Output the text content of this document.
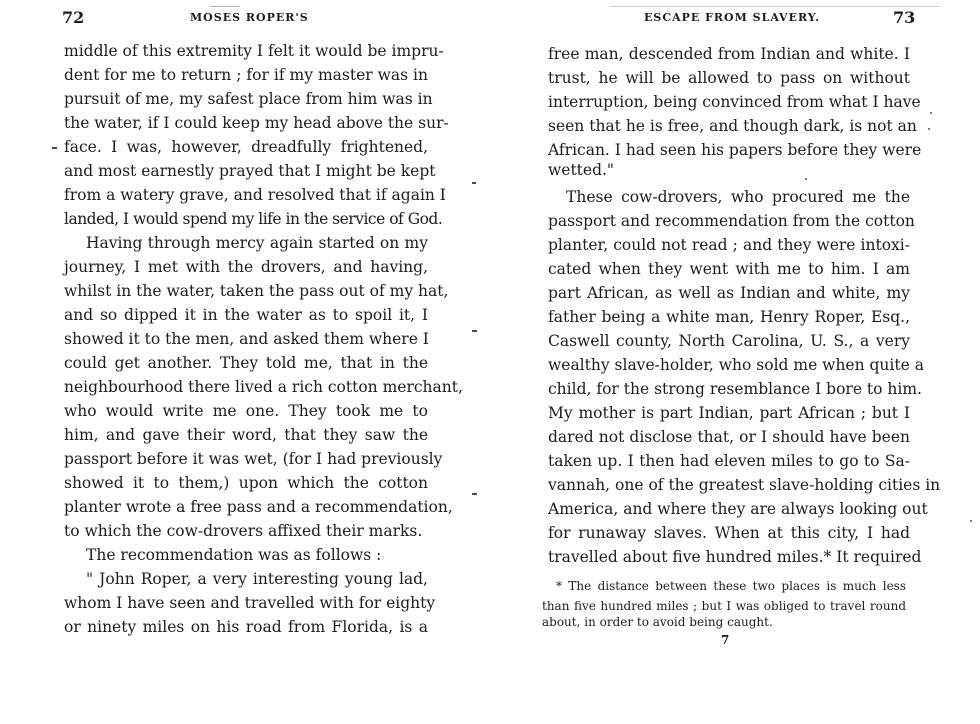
72	MOSES ROPER'S
middle of this extremity I felt it would be impru-
dent for me to return ; for if my master was in
pursuit of me, my safest place from him was in
the water, if I could keep my head above the sur-
face. I was, however, dreadfully frightened,
and most earnestly prayed that I might be kept
from a watery grave, and resolved that if again I
landed, I would spend my life in the service of God.
Having through mercy again started on my
journey, I met with the drovers, and having,
whilst in the water, taken the pass out of my hat,
and so dipped it in the water as to spoil it, I
showed it to the men, and asked them where I
could get another. They told me, that in the
neighbourhood there lived a rich cotton merchant,
who would write me one. They took me to
him, and gave their word, that they saw the
passport before it was wet, (for I had previously
showed it to them,) upon which the cotton
planter wrote a free pass and a recommendation,
to which the cow-drovers affixed their marks.
The recommendation was as follows :
" John Roper, a very interesting young lad,
whom I have seen and travelled with for eighty
or ninety miles on his road from Florida, is a
ESCAPE FROM SLAVERY.	73
free man, descended from Indian and white. I
trust, he will be allowed to pass on without
interruption, being convinced from what I have
seen that he is free, and though dark, is not an
African. I had seen his papers before they were
wetted."
These cow-drovers, who procured me the
passport and recommendation from the cotton
planter, could not read ; and they were intoxi-
cated when they went with me to him. I am
part African, as well as Indian and white, my
father being a white man, Henry Roper, Esq.,
Caswell county, North Carolina, U. S., a very
wealthy slave-holder, who sold me when quite a
child, for the strong resemblance I bore to him.
My mother is part Indian, part African ; but I
dared not disclose that, or I should have been
taken up. I then had eleven miles to go to Sa-
vannah, one of the greatest slave-holding cities in
America, and where they are always looking out
for runaway slaves. When at this city, I had
travelled about five hundred miles.* It required
* The distance between these two places is much less
than five hundred miles ; but I was obliged to travel round
about, in order to avoid being caught.
7
